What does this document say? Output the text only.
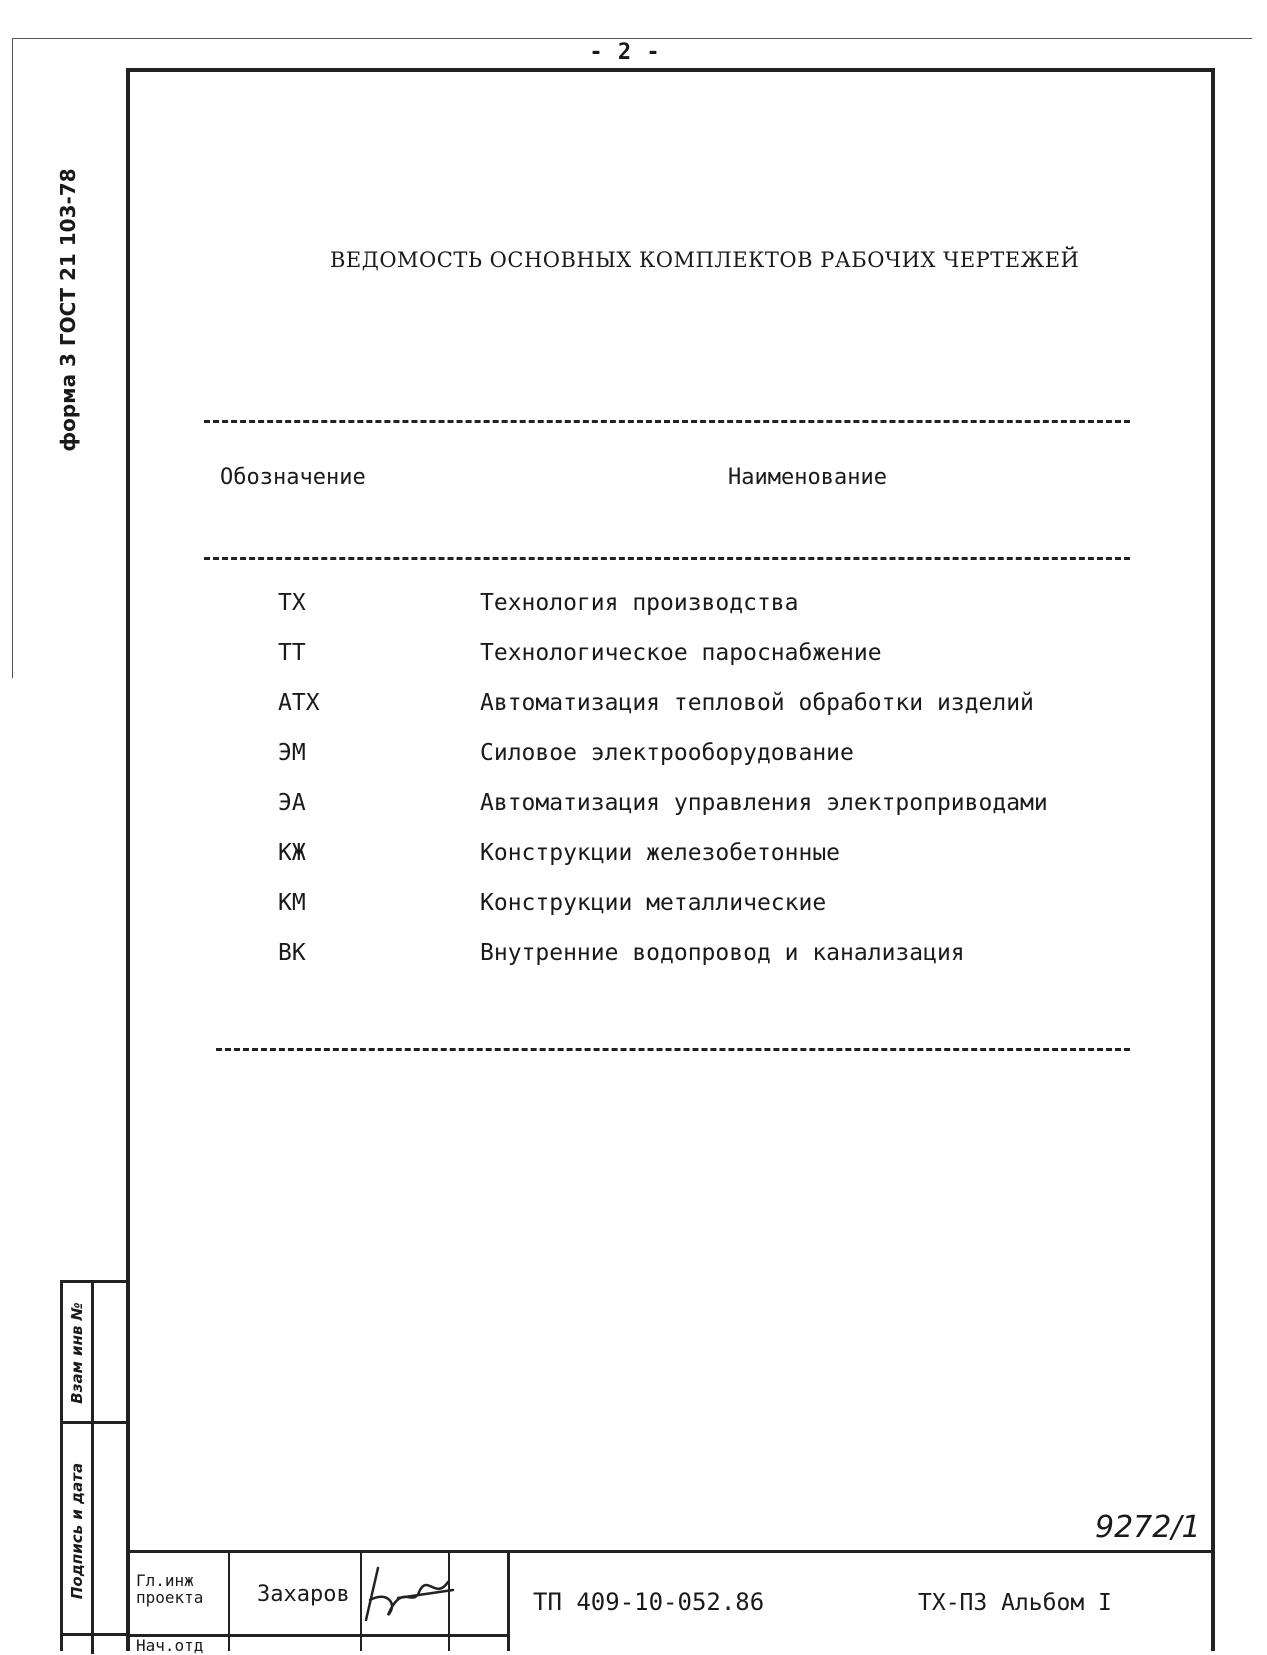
- 2 -
форма 3 ГОСТ 21 103-78	ВЕДОМОСТЬ ОСНОВНЫХ КОМПЛЕКТОВ РАБОЧИХ ЧЕРТЕЖЕЙ
Обозначение	Наименование
ТХ	Технология производства
ТТ	Технологическое пароснабжение
АТХ	Автоматизация тепловой обработки изделий
ЭМ	Силовое электрооборудование
ЭА	Автоматизация управления электроприводами
КЖ	Конструкции железобетонные
КМ	Конструкции металлические
ВК	Внутренние водопровод и канализация
9272/1
Гл.инж
проекта Захаров
Нач.отд
ТП 409-10-052.86	ТХ-ПЗ Альбом I
Взам инв №
Подпись и дата
